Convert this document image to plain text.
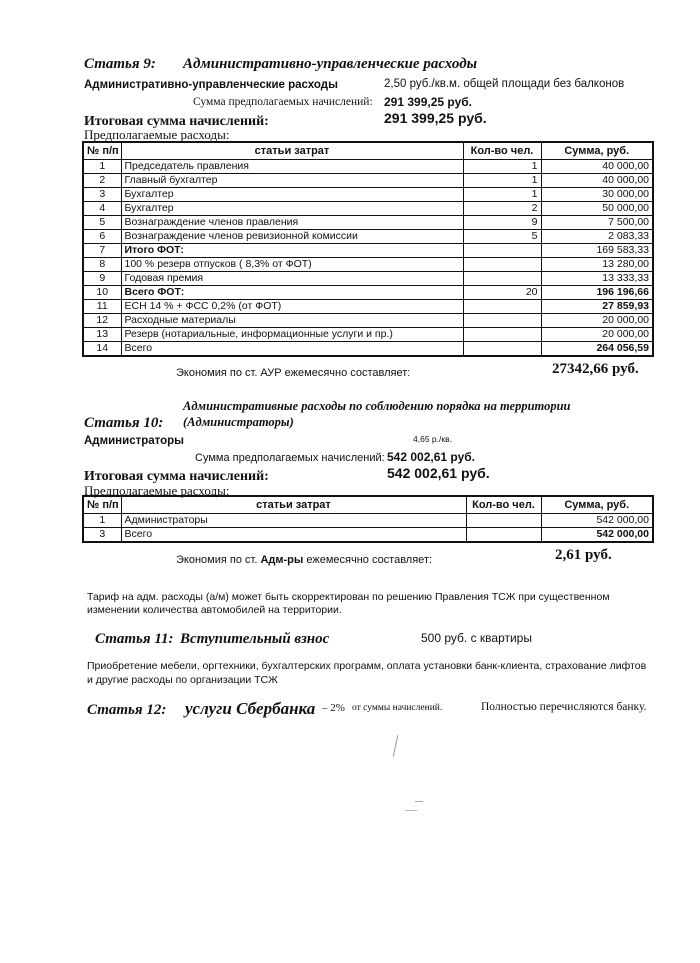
Статья 9: Административно-управленческие расходы
Административно-управленческие расходы	2,50 руб./кв.м. общей площади без балконов
Сумма предполагаемых начислений: 291 399,25 руб.
Итоговая сумма начислений:	291 399,25 руб.
Предполагаемые расходы:
№ п/п	статьи затрат	Кол-во чел.	Сумма, руб.
1	Председатель правления	1	40 000,00
2	Главный бухгалтер	1	40 000,00
3	Бухгалтер	1	30 000,00
4	Бухгалтер	2	50 000,00
5	Вознаграждение членов правления	9	7 500,00
6	Вознаграждение членов ревизионной комиссии	5	2 083,33
7	Итого ФОТ:		169 583,33
8	100 % резерв отпусков ( 8,3% от ФОТ)		13 280,00
9	Годовая премия		13 333,33
10	Всего ФОТ:	20	196 196,66
11	ЕСН 14 % + ФСС 0,2% (от ФОТ)		27 859,93
12	Расходные материалы		20 000,00
13	Резерв (нотариальные, информационные услуги и пр.)		20 000,00
14	Всего		264 056,59
Экономия по ст. АУР ежемесячно составляет:	27342,66 руб.
Административные расходы по соблюдению порядка на территории
Статья 10: (Администраторы)
Администраторы	4,65 р./кв.
Сумма предполагаемых начислений: 542 002,61 руб.
Итоговая сумма начислений:	542 002,61 руб.
Предполагаемые расходы:
№ п/п	статьи затрат	Кол-во чел.	Сумма, руб.
1	Администраторы		542 000,00
3	Всего		542 000,00
Экономия по ст. Адм-ры ежемесячно составляет:	2,61 руб.
Тариф на адм. расходы (а/м) может быть скорректирован по решению Правления ТСЖ при существенном изменении количества автомобилей на территории.
Статья 11: Вступительный взнос	500 руб. с квартиры
Приобретение мебели, оргтехники, бухгалтерских программ, оплата установки банк-клиента, страхование лифтов и другие расходы по организации ТСЖ
Статья 12: услуги Сбербанка – 2% от суммы начислений.	Полностью перечисляются банку.
